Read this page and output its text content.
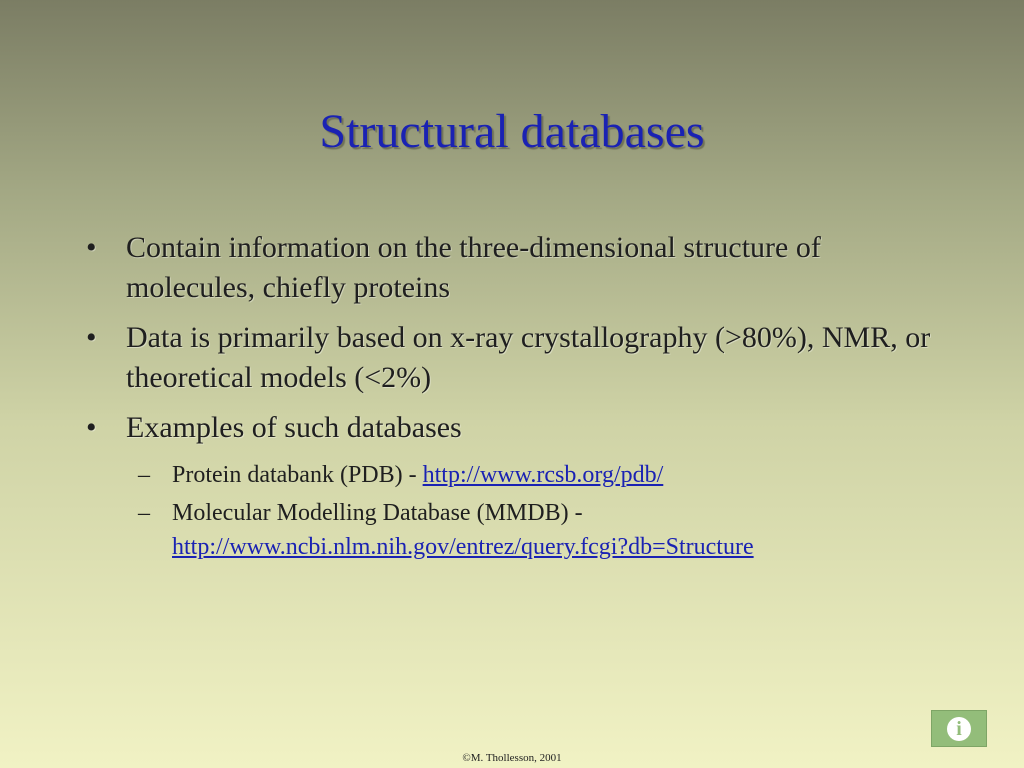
Structural databases
• Contain information on the three-dimensional structure of molecules, chiefly proteins
• Data is primarily based on x-ray crystallography (>80%), NMR, or theoretical models (<2%)
• Examples of such databases
– Protein databank (PDB) - http://www.rcsb.org/pdb/
– Molecular Modelling Database (MMDB) -
http://www.ncbi.nlm.nih.gov/entrez/query.fcgi?db=Structure
i
©M. Thollesson, 2001
